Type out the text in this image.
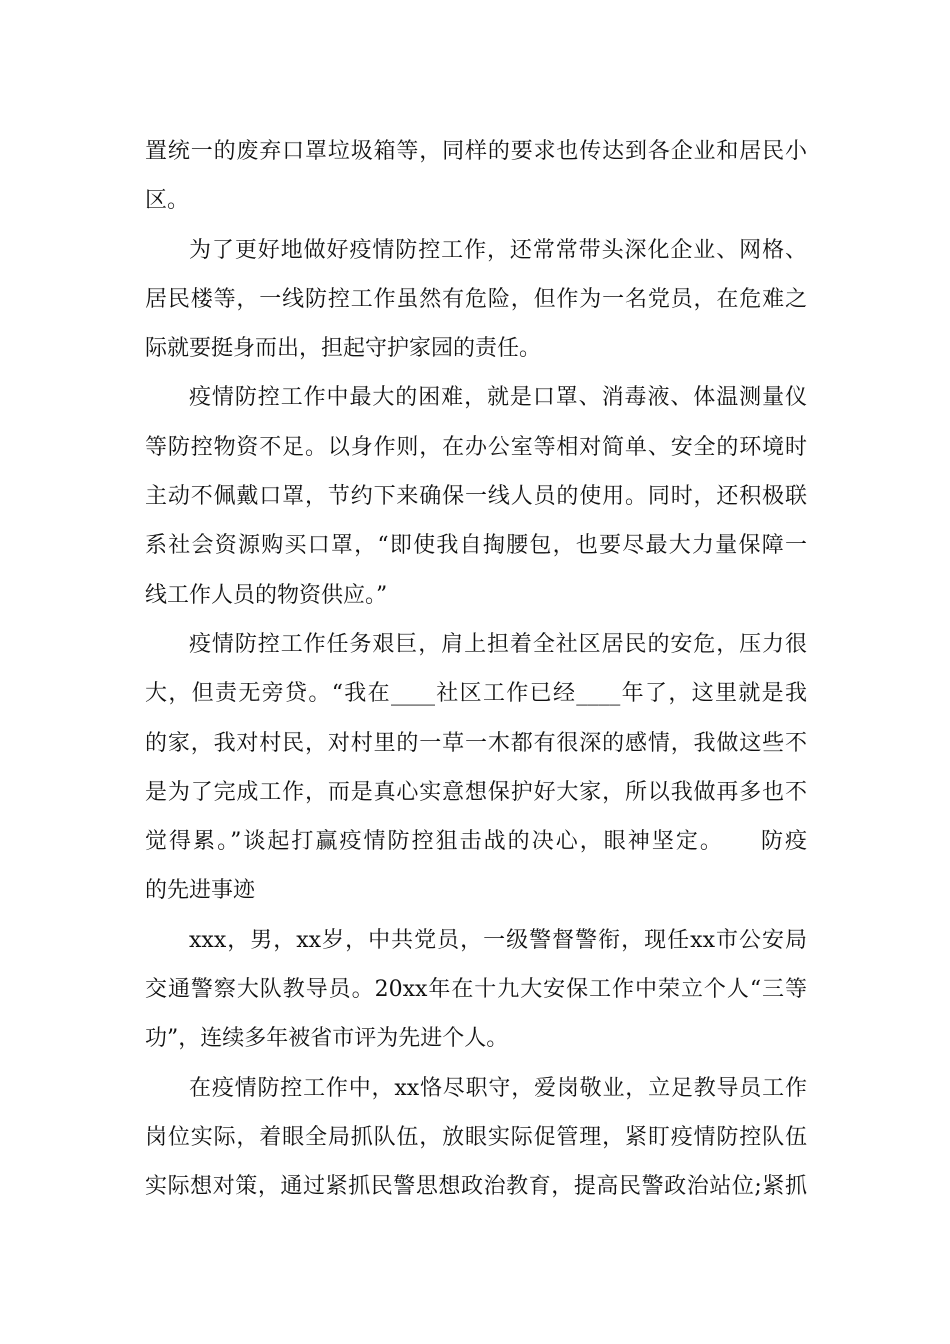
置统一的废弃口罩垃圾箱等，同样的要求也传达到各企业和居民小
区。
为了更好地做好疫情防控工作，还常常带头深化企业、网格、
居民楼等，一线防控工作虽然有危险，但作为一名党员，在危难之
际就要挺身而出，担起守护家园的责任。
疫情防控工作中最大的困难，就是口罩、消毒液、体温测量仪
等防控物资不足。以身作则，在办公室等相对简单、安全的环境时
主动不佩戴口罩，节约下来确保一线人员的使用。同时，还积极联
系社会资源购买口罩，“即使我自掏腰包，也要尽最大力量保障一
线工作人员的物资供应。”
疫情防控工作任务艰巨，肩上担着全社区居民的安危，压力很
大，但责无旁贷。“我在____社区工作已经____年了，这里就是我
的家，我对村民，对村里的一草一木都有很深的感情，我做这些不
是为了完成工作，而是真心实意想保护好大家，所以我做再多也不
觉得累。”谈起打赢疫情防控狙击战的决心，眼神坚定。　　防疫
的先进事迹
xxx，男，xx岁，中共党员，一级警督警衔，现任xx市公安局
交通警察大队教导员。20xx年在十九大安保工作中荣立个人“三等
功”，连续多年被省市评为先进个人。
在疫情防控工作中，xx恪尽职守，爱岗敬业，立足教导员工作
岗位实际，着眼全局抓队伍，放眼实际促管理，紧盯疫情防控队伍
实际想对策，通过紧抓民警思想政治教育，提高民警政治站位;紧抓
